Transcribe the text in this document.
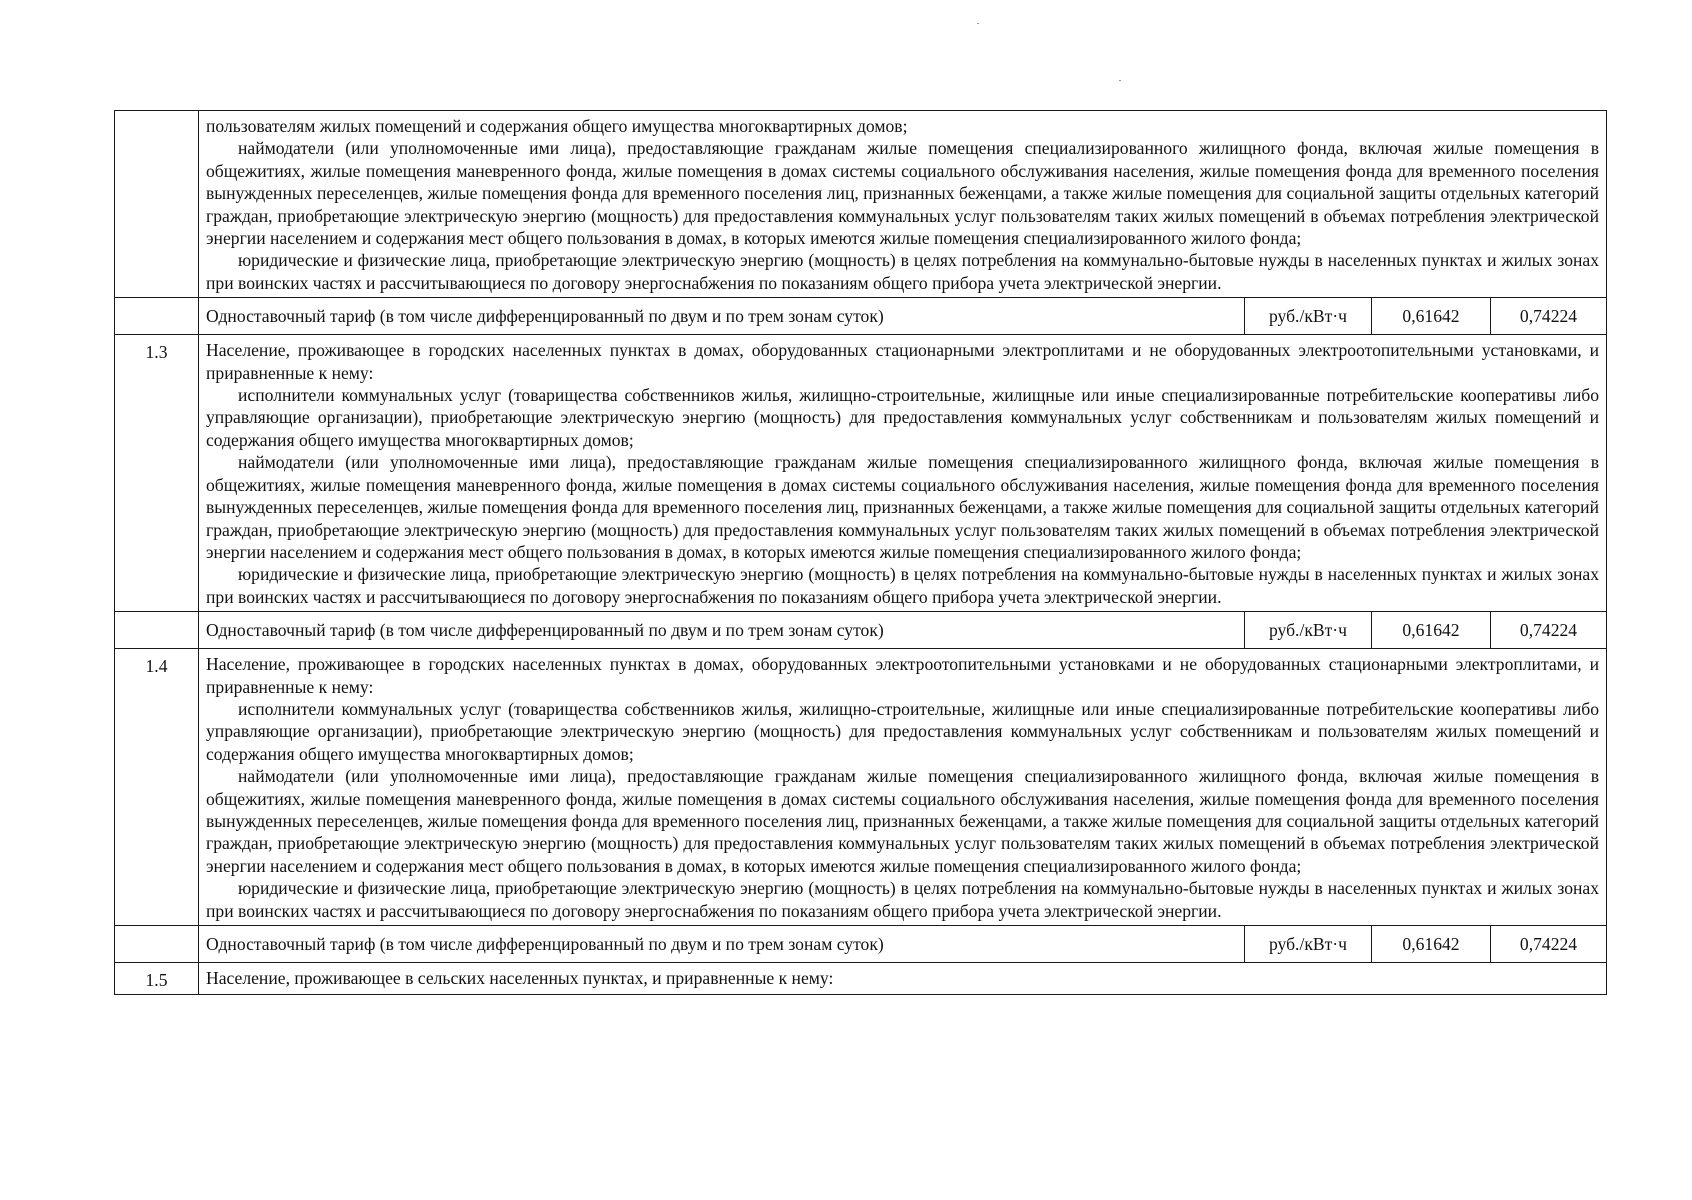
	пользователям жилых помещений и содержания общего имущества многоквартирных домов;

наймодатели (или уполномоченные ими лица), предоставляющие гражданам жилые помещения специализированного жилищного фонда, включая жилые помещения в общежитиях, жилые помещения маневренного фонда, жилые помещения в домах системы социального обслуживания населения, жилые помещения фонда для временного поселения вынужденных переселенцев, жилые помещения фонда для временного поселения лиц, признанных беженцами, а также жилые помещения для социальной защиты отдельных категорий граждан, приобретающие электрическую энергию (мощность) для предоставления коммунальных услуг пользователям таких жилых помещений в объемах потребления электрической энергии населением и содержания мест общего пользования в домах, в которых имеются жилые помещения специализированного жилого фонда;

юридические и физические лица, приобретающие электрическую энергию (мощность) в целях потребления на коммунально-бытовые нужды в населенных пунктах и жилых зонах при воинских частях и рассчитывающиеся по договору энергоснабжения по показаниям общего прибора учета электрической энергии.			

	Одноставочный тариф (в том числе дифференцированный по двум и по трем зонам суток)	руб./кВт·ч	0,61642	0,74224
1.3	Население, проживающее в городских населенных пунктах в домах, оборудованных стационарными электроплитами и не оборудованных электроотопительными установками, и приравненные к нему:

исполнители коммунальных услуг (товарищества собственников жилья, жилищно-строительные, жилищные или иные специализированные потребительские кооперативы либо управляющие организации), приобретающие электрическую энергию (мощность) для предоставления коммунальных услуг собственникам и пользователям жилых помещений и содержания общего имущества многоквартирных домов;

наймодатели (или уполномоченные ими лица), предоставляющие гражданам жилые помещения специализированного жилищного фонда, включая жилые помещения в общежитиях, жилые помещения маневренного фонда, жилые помещения в домах системы социального обслуживания населения, жилые помещения фонда для временного поселения вынужденных переселенцев, жилые помещения фонда для временного поселения лиц, признанных беженцами, а также жилые помещения для социальной защиты отдельных категорий граждан, приобретающие электрическую энергию (мощность) для предоставления коммунальных услуг пользователям таких жилых помещений в объемах потребления электрической энергии населением и содержания мест общего пользования в домах, в которых имеются жилые помещения специализированного жилого фонда;

юридические и физические лица, приобретающие электрическую энергию (мощность) в целях потребления на коммунально-бытовые нужды в населенных пунктах и жилых зонах при воинских частях и рассчитывающиеся по договору энергоснабжения по показаниям общего прибора учета электрической энергии.			

	Одноставочный тариф (в том числе дифференцированный по двум и по трем зонам суток)	руб./кВт·ч	0,61642	0,74224
1.4	Население, проживающее в городских населенных пунктах в домах, оборудованных электроотопительными установками и не оборудованных стационарными электроплитами, и приравненные к нему:

исполнители коммунальных услуг (товарищества собственников жилья, жилищно-строительные, жилищные или иные специализированные потребительские кооперативы либо управляющие организации), приобретающие электрическую энергию (мощность) для предоставления коммунальных услуг собственникам и пользователям жилых помещений и содержания общего имущества многоквартирных домов;

наймодатели (или уполномоченные ими лица), предоставляющие гражданам жилые помещения специализированного жилищного фонда, включая жилые помещения в общежитиях, жилые помещения маневренного фонда, жилые помещения в домах системы социального обслуживания населения, жилые помещения фонда для временного поселения вынужденных переселенцев, жилые помещения фонда для временного поселения лиц, признанных беженцами, а также жилые помещения для социальной защиты отдельных категорий граждан, приобретающие электрическую энергию (мощность) для предоставления коммунальных услуг пользователям таких жилых помещений в объемах потребления электрической энергии населением и содержания мест общего пользования в домах, в которых имеются жилые помещения специализированного жилого фонда;

юридические и физические лица, приобретающие электрическую энергию (мощность) в целях потребления на коммунально-бытовые нужды в населенных пунктах и жилых зонах при воинских частях и рассчитывающиеся по договору энергоснабжения по показаниям общего прибора учета электрической энергии.			

	Одноставочный тариф (в том числе дифференцированный по двум и по трем зонам суток)	руб./кВт·ч	0,61642	0,74224
1.5	Население, проживающее в сельских населенных пунктах, и приравненные к нему:			
